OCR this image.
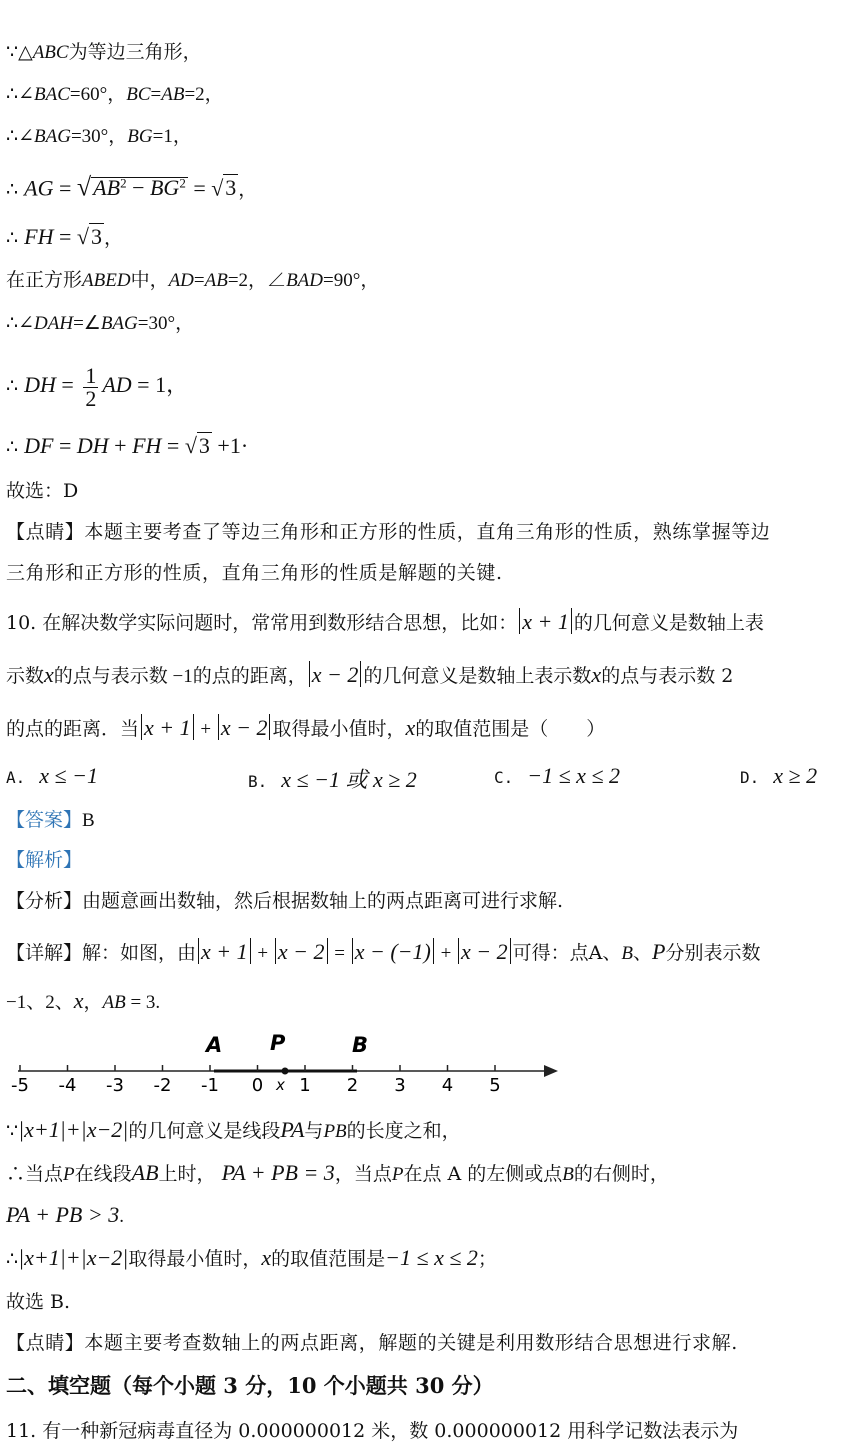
∵△ABC为等边三角形，
∴∠BAC=60°，BC=AB=2，
∴∠BAG=30°，BG=1，
∴ AG = $√AB^2 - BG^2 = √3$ ，
∴ FH = √3 ，
在正方形ABED中，AD=AB=2，∠BAD=90°，
∴∠DAH=∠BAG=30°，
∴ DH = $\frac{1}{2}$ AD = 1，
∴ DF = DH + FH = √3 +1·
故选：D
【点睛】本题主要考查了等边三角形和正方形的性质，直角三角形的性质，熟练掌握等边
三角形和正方形的性质，直角三角形的性质是解题的关键.
10. 在解决数学实际问题时，常常用到数形结合思想，比如： x + 1 的几何意义是数轴上表
示数x的点与表示数 −1的点的距离， x − 2 的几何意义是数轴上表示数x的点与表示数 2
的点的距离．当 x + 1 + x − 2 取得最小值时，x的取值范围是（　　）
A. x ≤ −1	B. x ≤ −1 或 x ≥ 2	C. −1 ≤ x ≤ 2	D. x ≥ 2
【答案】B
【解析】
【分析】由题意画出数轴，然后根据数轴上的两点距离可进行求解.
【详解】解：如图，由 x + 1 + x − 2 = x − (−1) + x − 2 可得：点A、B、P分别表示数
−1、2、x，AB = 3.
-5 -4 -3 -2 -1 0 1 2 3 4 5
A P	B
x
∵|x+1|+|x−2|的几何意义是线段PA与PB的长度之和，
∴当点P在线段AB上时， PA + PB = 3，当点P在点 A 的左侧或点B的右侧时，
PA + PB > 3.
∴|x+1|+|x−2|取得最小值时，x的取值范围是−1 ≤ x ≤ 2；
故选 B.
【点睛】本题主要考查数轴上的两点距离，解题的关键是利用数形结合思想进行求解.
二、填空题（每个小题 3 分，10 个小题共 30 分）
11. 有一种新冠病毒直径为 0.000000012 米，数 0.000000012 用科学记数法表示为
